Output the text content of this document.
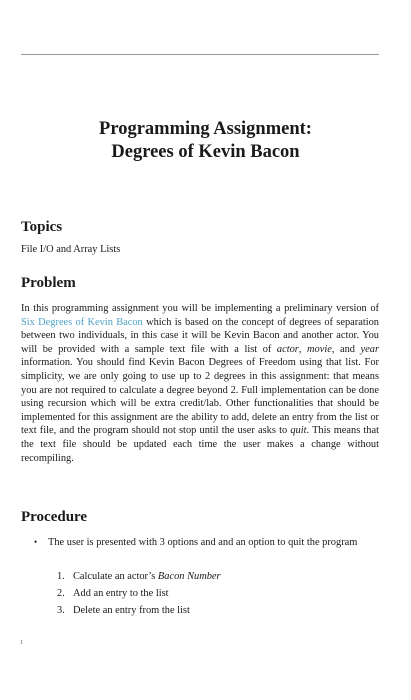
Programming Assignment:
Degrees of Kevin Bacon
Topics
File I/O and Array Lists
Problem
In this programming assignment you will be implementing a preliminary version of Six Degrees of Kevin Bacon which is based on the concept of degrees of separation between two individuals, in this case it will be Kevin Bacon and another actor. You will be provided with a sample text file with a list of actor, movie, and year information. You should find Kevin Bacon Degrees of Freedom using that list. For simplicity, we are only going to use up to 2 degrees in this assignment: that means you are not required to calculate a degree beyond 2. Full implementation can be done using recursion which will be extra credit/lab. Other functionalities that should be implemented for this assignment are the ability to add, delete an entry from the list or text file, and the program should not stop until the user asks to quit. This means that the text file should be updated each time the user makes a change without recompiling.
Procedure
•	The user is presented with 3 options and and an option to quit the program
1. Calculate an actor’s Bacon Number
2. Add an entry to the list
3. Delete an entry from the list
1
